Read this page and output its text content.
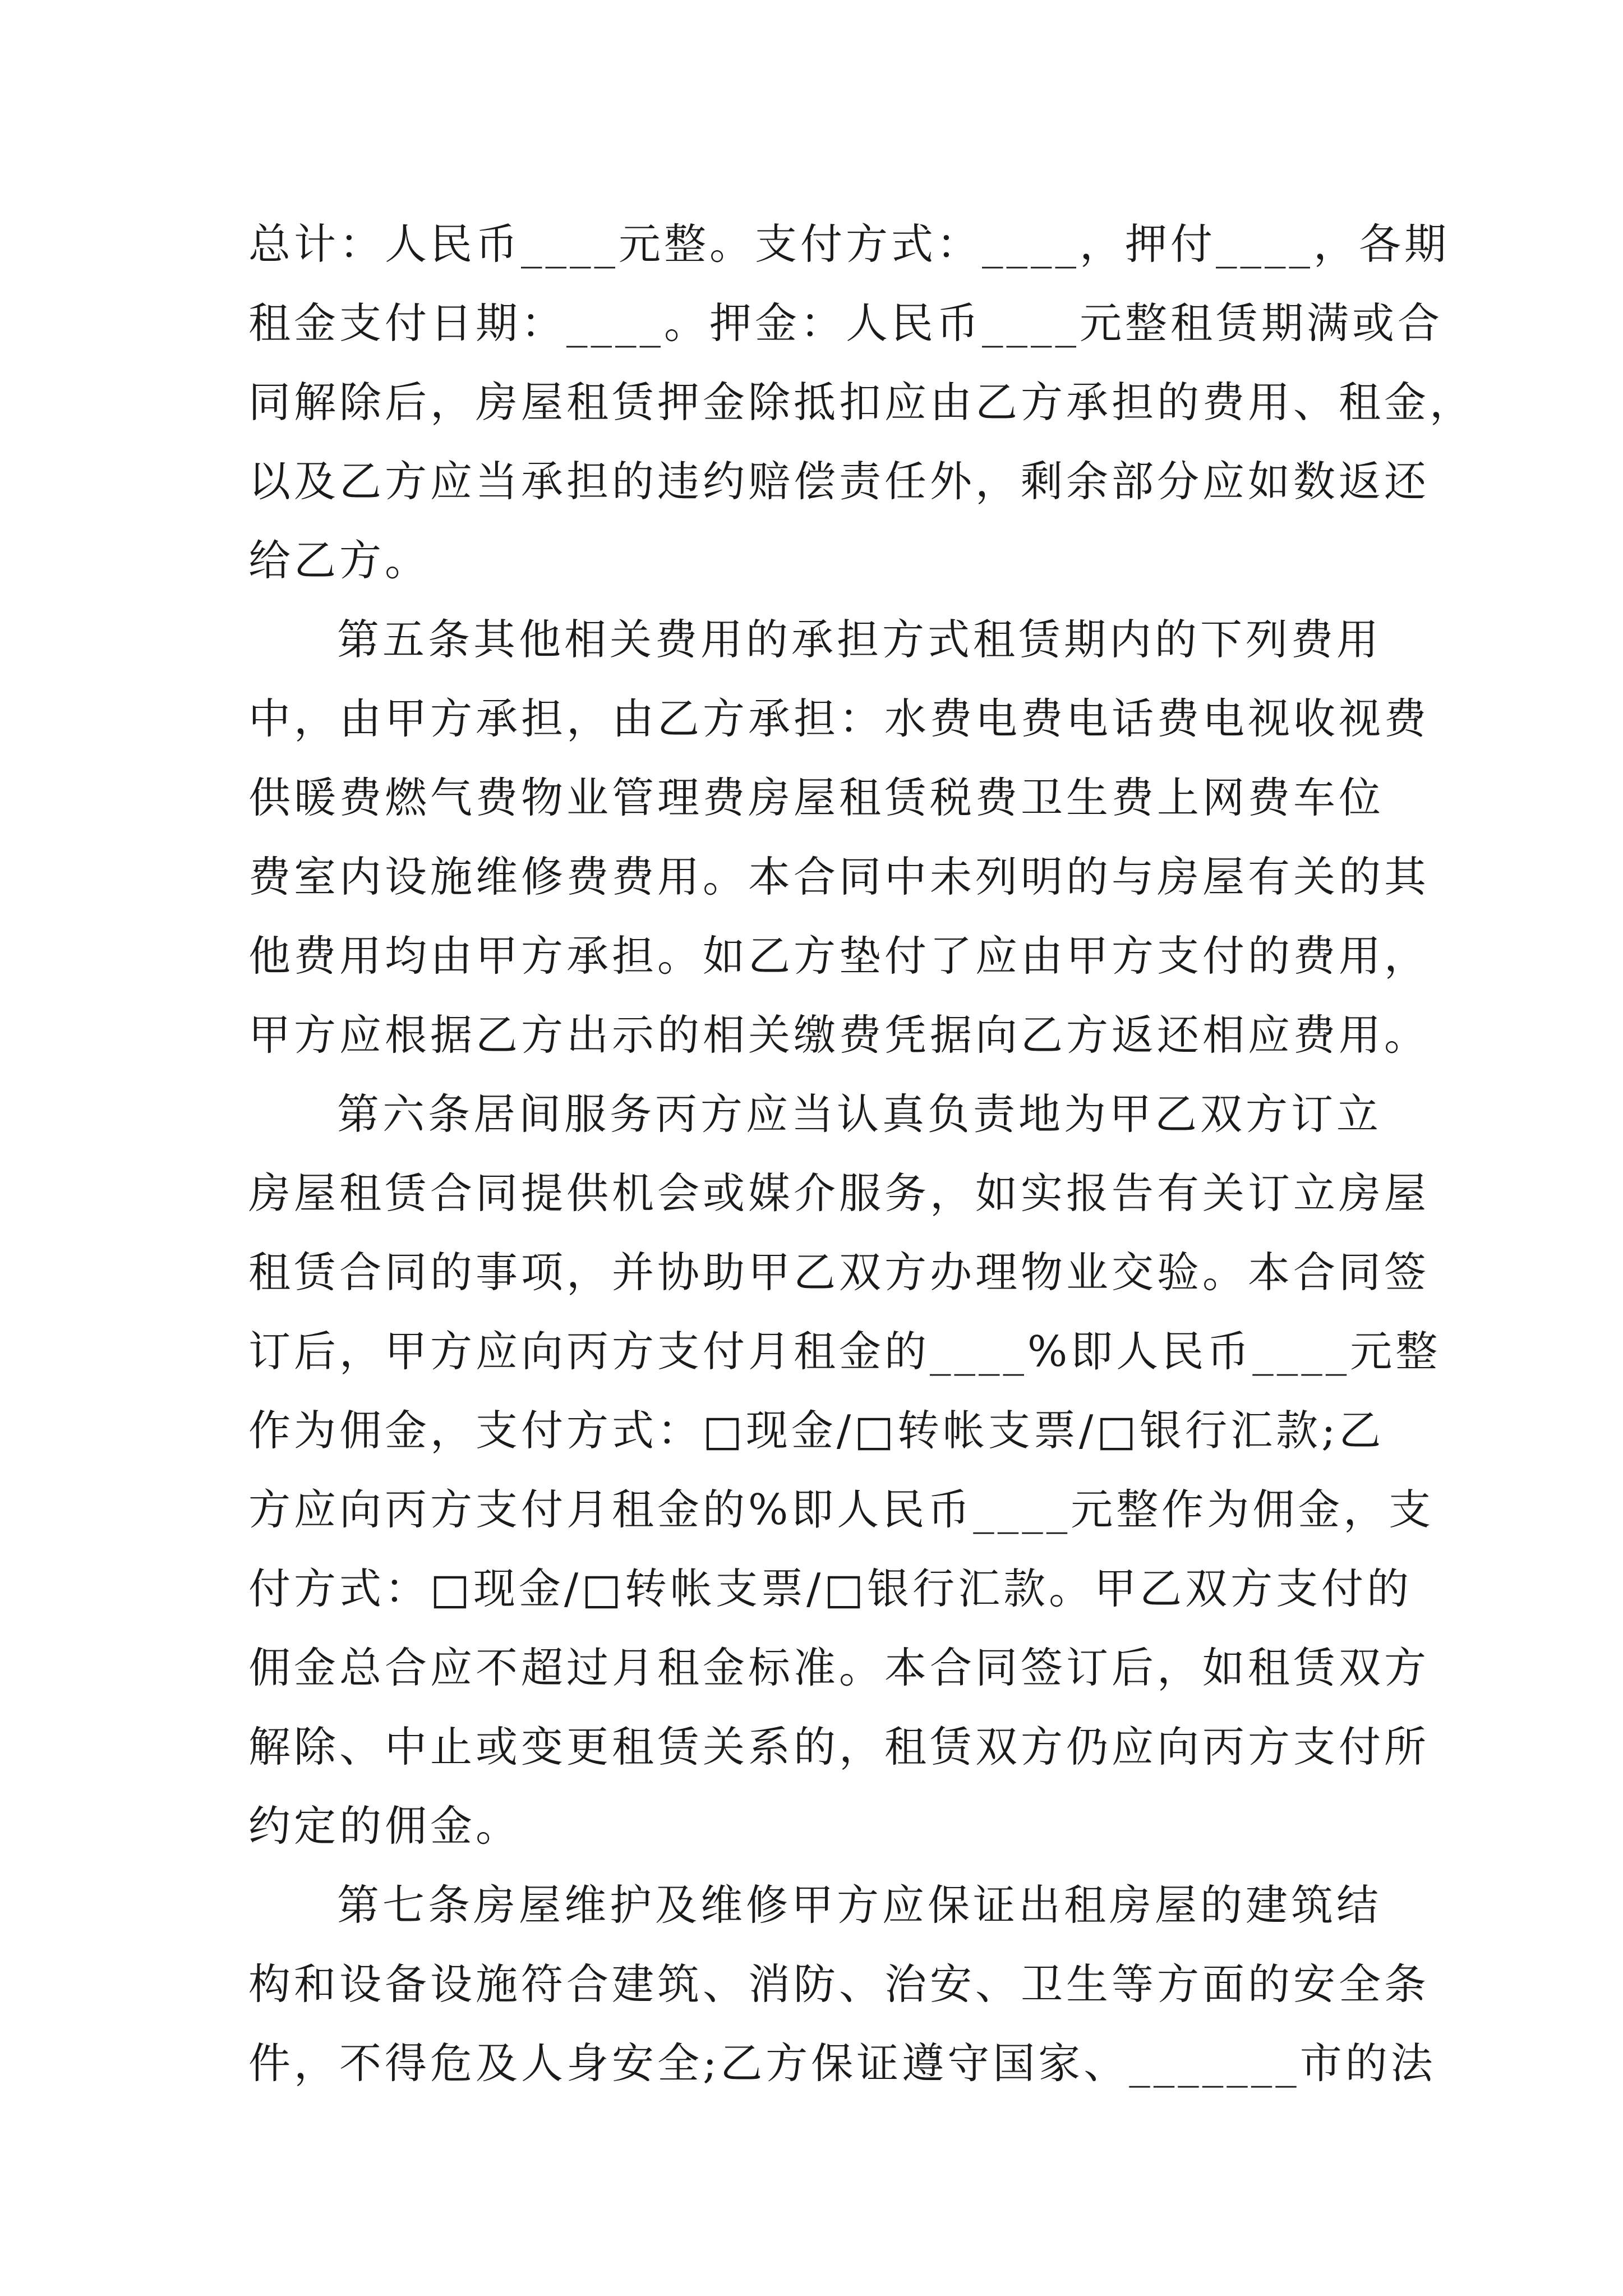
总计：人民币____元整。支付方式：____，押付____，各期
租金支付日期：____。押金：人民币____元整租赁期满或合
同解除后，房屋租赁押金除抵扣应由乙方承担的费用、租金，
以及乙方应当承担的违约赔偿责任外，剩余部分应如数返还
给乙方。
第五条其他相关费用的承担方式租赁期内的下列费用
中，由甲方承担，由乙方承担：水费电费电话费电视收视费
供暖费燃气费物业管理费房屋租赁税费卫生费上网费车位
费室内设施维修费费用。本合同中未列明的与房屋有关的其
他费用均由甲方承担。如乙方垫付了应由甲方支付的费用，
甲方应根据乙方出示的相关缴费凭据向乙方返还相应费用。
第六条居间服务丙方应当认真负责地为甲乙双方订立
房屋租赁合同提供机会或媒介服务，如实报告有关订立房屋
租赁合同的事项，并协助甲乙双方办理物业交验。本合同签
订后，甲方应向丙方支付月租金的____%即人民币____元整
作为佣金，支付方式：□现金/□转帐支票/□银行汇款;乙
方应向丙方支付月租金的%即人民币____元整作为佣金，支
付方式：□现金/□转帐支票/□银行汇款。甲乙双方支付的
佣金总合应不超过月租金标准。本合同签订后，如租赁双方
解除、中止或变更租赁关系的，租赁双方仍应向丙方支付所
约定的佣金。
第七条房屋维护及维修甲方应保证出租房屋的建筑结
构和设备设施符合建筑、消防、治安、卫生等方面的安全条
件，不得危及人身安全;乙方保证遵守国家、_______市的法
